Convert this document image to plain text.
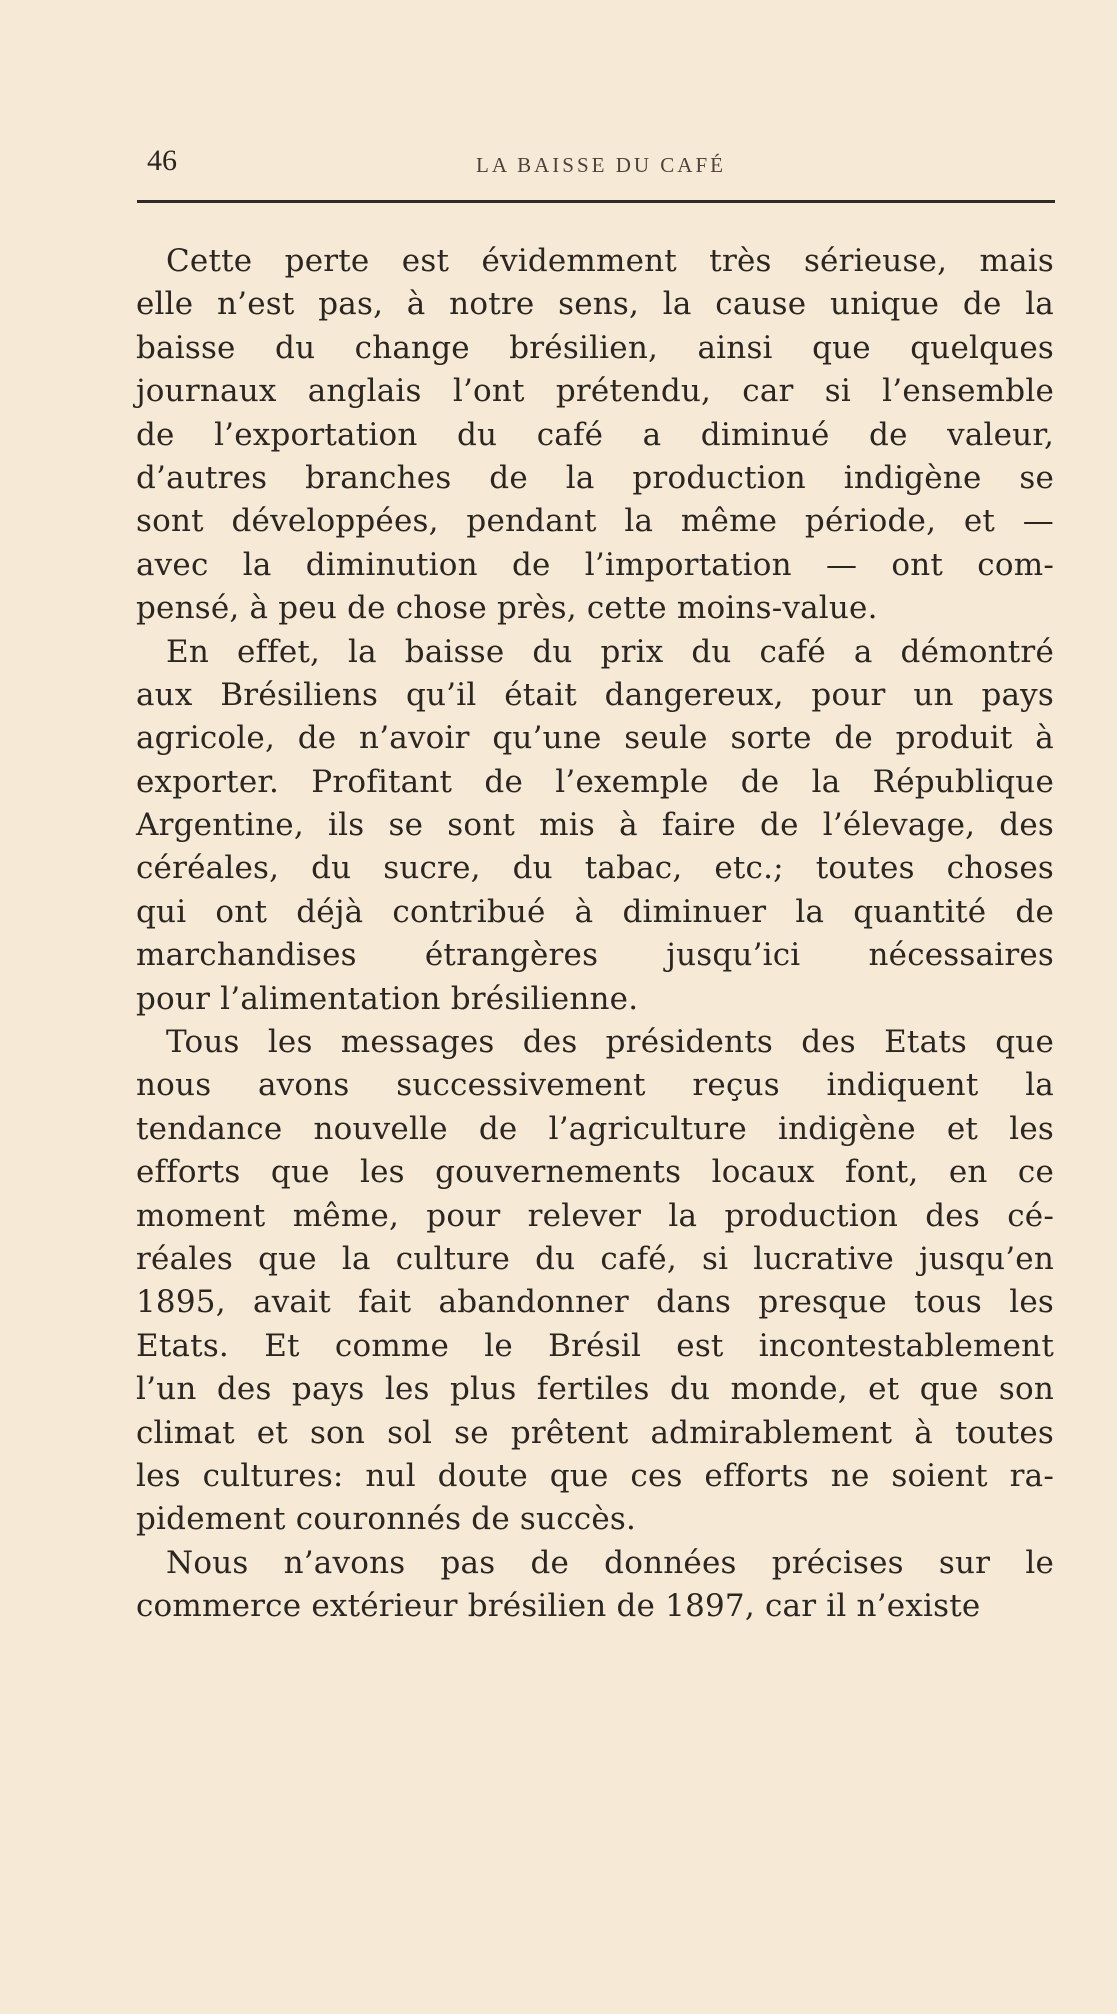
46	LA BAISSE DU CAFÉ
Cette perte est évidemment très sérieuse, mais
elle n’est pas, à notre sens, la cause unique de la
baisse du change brésilien, ainsi que quelques
journaux anglais l’ont prétendu, car si l’ensemble
de l’exportation du café a diminué de valeur,
d’autres branches de la production indigène se
sont développées, pendant la même période, et —
avec la diminution de l’importation — ont com-
pensé, à peu de chose près, cette moins-value.
En effet, la baisse du prix du café a démontré
aux Brésiliens qu’il était dangereux, pour un pays
agricole, de n’avoir qu’une seule sorte de produit à
exporter. Profitant de l’exemple de la République
Argentine, ils se sont mis à faire de l’élevage, des
céréales, du sucre, du tabac, etc.; toutes choses
qui ont déjà contribué à diminuer la quantité de
marchandises étrangères jusqu’ici nécessaires
pour l’alimentation brésilienne.
Tous les messages des présidents des Etats que
nous avons successivement reçus indiquent la
tendance nouvelle de l’agriculture indigène et les
efforts que les gouvernements locaux font, en ce
moment même, pour relever la production des cé-
réales que la culture du café, si lucrative jusqu’en
1895, avait fait abandonner dans presque tous les
Etats. Et comme le Brésil est incontestablement
l’un des pays les plus fertiles du monde, et que son
climat et son sol se prêtent admirablement à toutes
les cultures: nul doute que ces efforts ne soient ra-
pidement couronnés de succès.
Nous n’avons pas de données précises sur le
commerce extérieur brésilien de 1897, car il n’existe
